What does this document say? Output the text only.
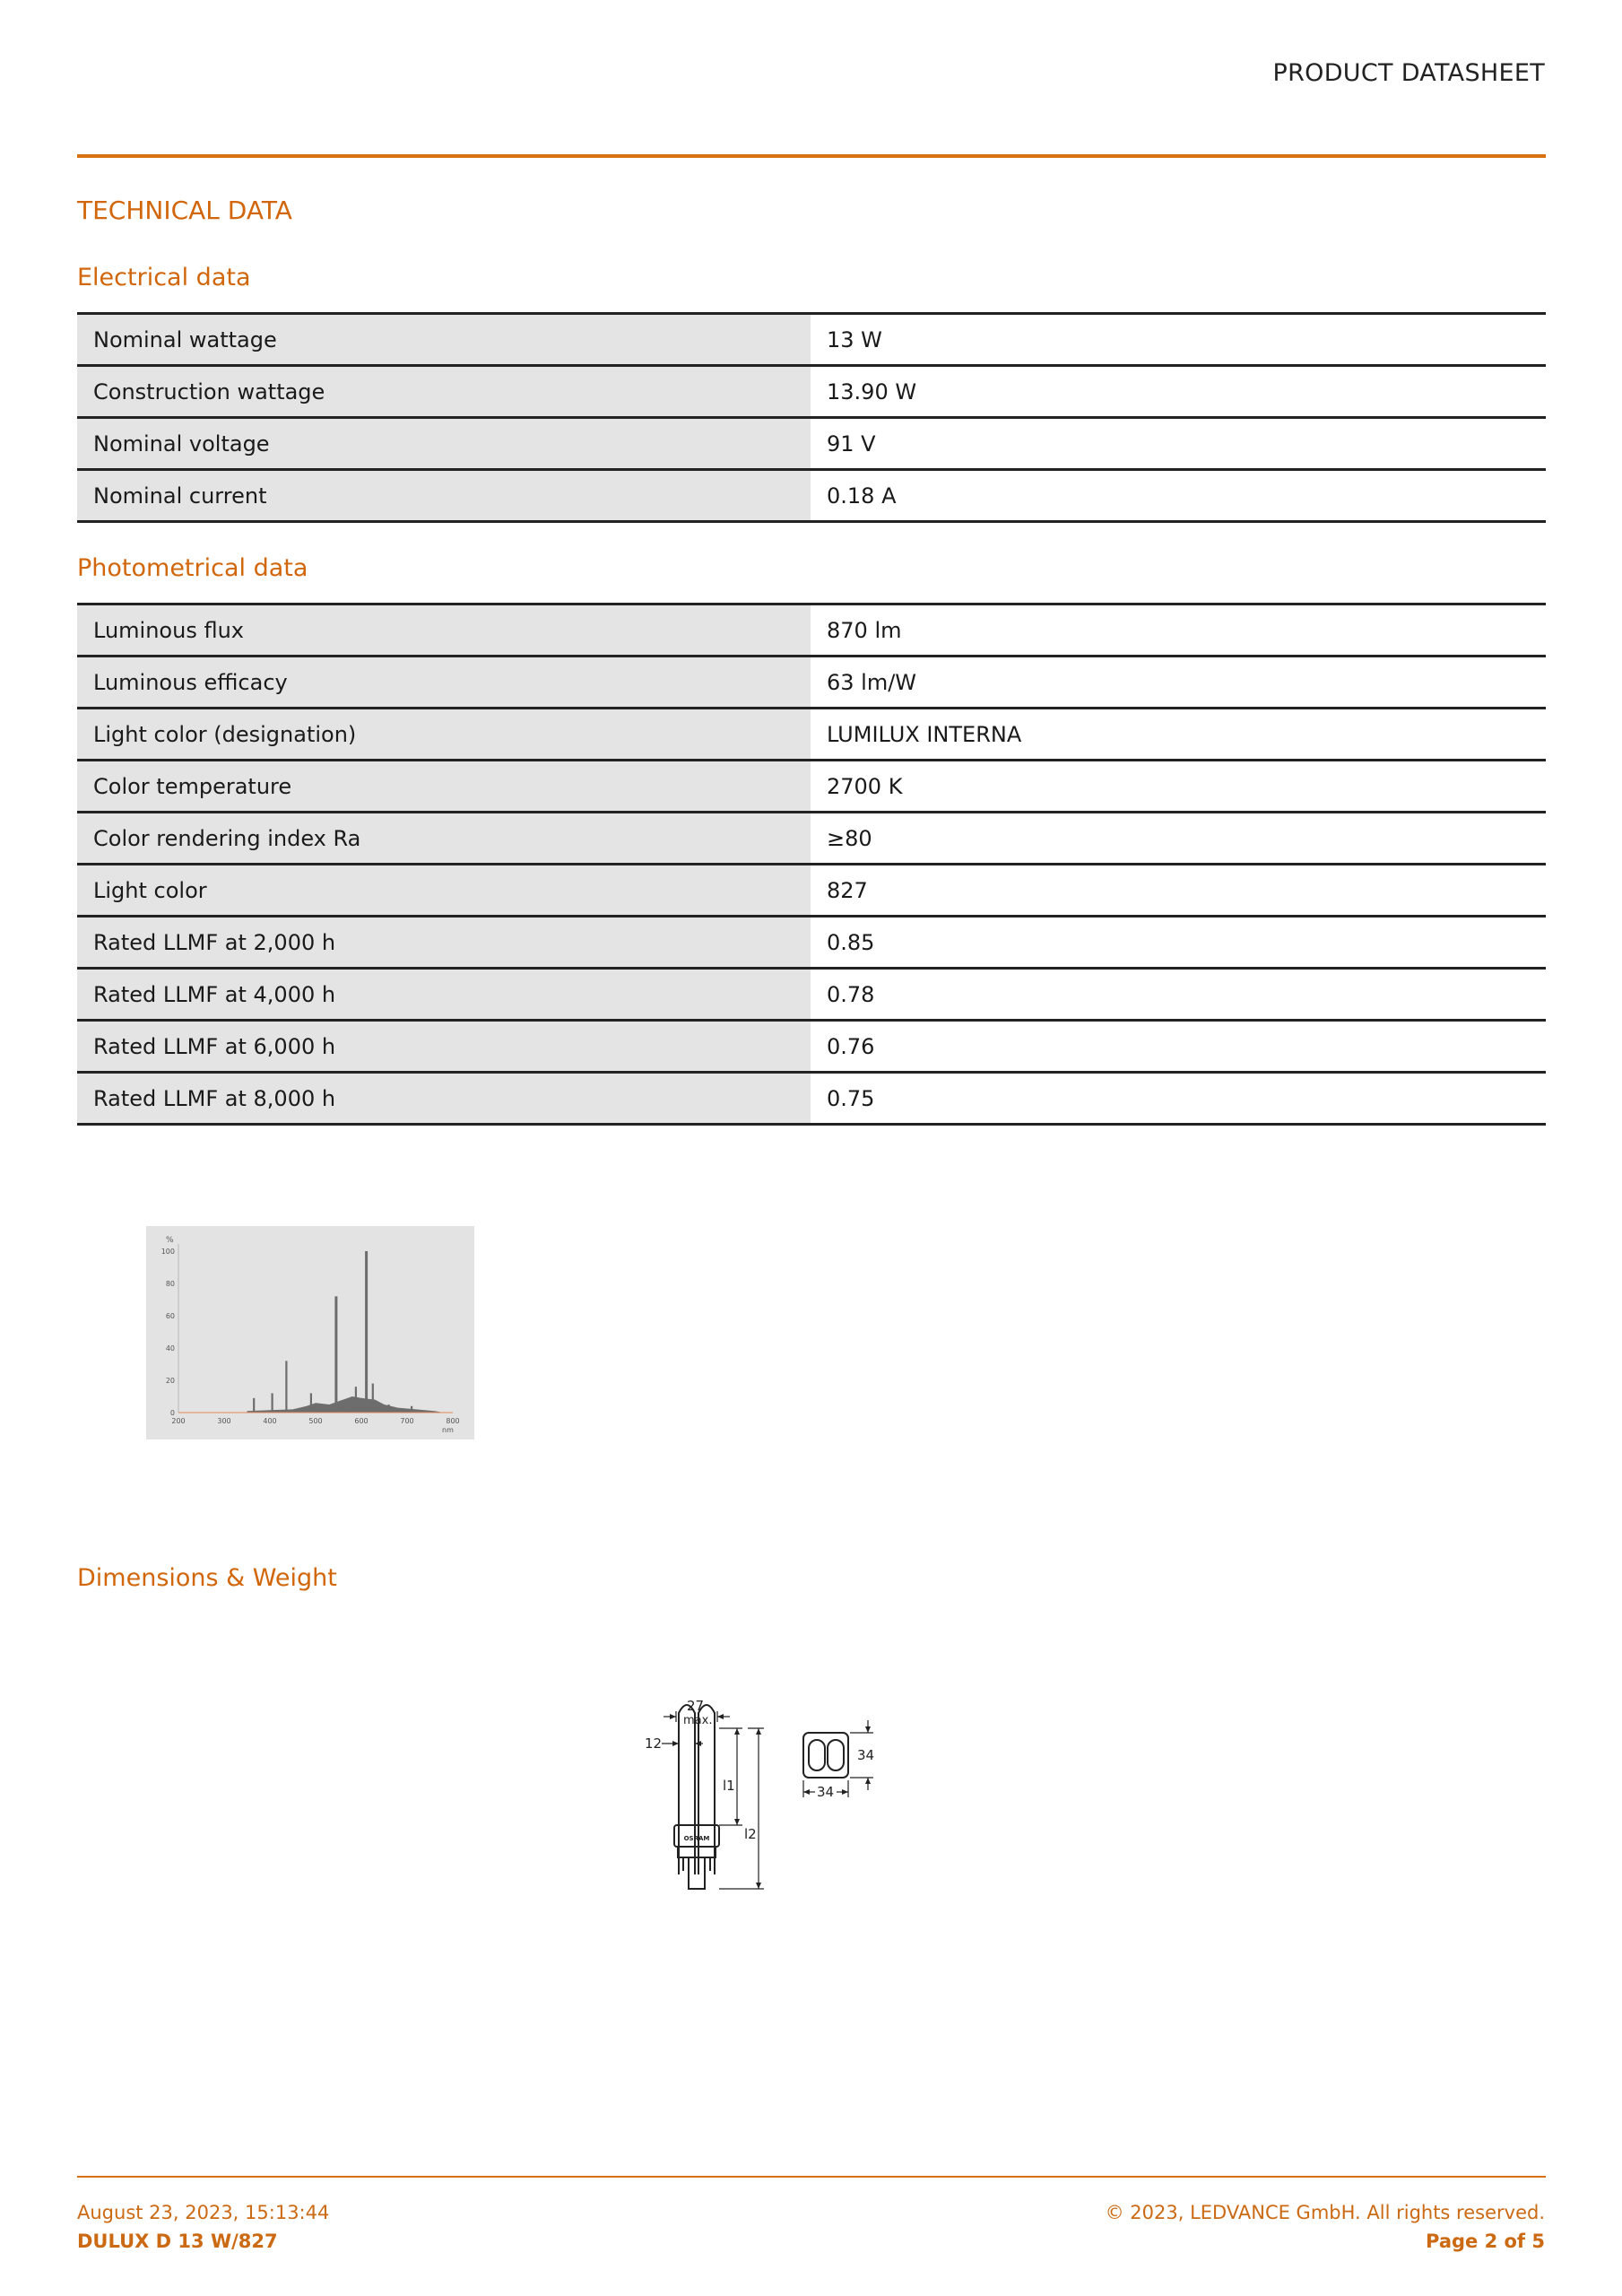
PRODUCT DATASHEET
TECHNICAL DATA
Electrical data
Nominal wattage	13 W
Construction wattage	13.90 W
Nominal voltage	91 V
Nominal current	0.18 A
Photometrical data
Luminous flux	870 lm
Luminous efficacy	63 lm/W
Light color (designation)	LUMILUX INTERNA
Color temperature	2700 K
Color rendering index Ra	≥80
Light color	827
Rated LLMF at 2,000 h	0.85
Rated LLMF at 4,000 h	0.78
Rated LLMF at 6,000 h	0.76
Rated LLMF at 8,000 h	0.75
0
20
40
60
80
100
200	300	400	500	600	700	800
%
nm
Dimensions & Weight
27
max.
12
l1
l2
34
34
OSRAM
August 23, 2023, 15:13:44
DULUX D 13 W/827
© 2023, LEDVANCE GmbH. All rights reserved.
Page 2 of 5
